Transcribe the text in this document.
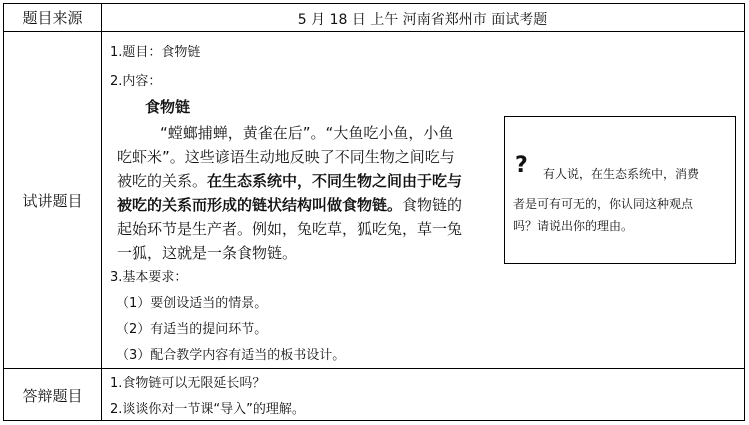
题目来源	5 月 18 日 上午 河南省郑州市 面试考题
试讲题目
1.题目：食物链
2.内容：
食物链
“螳螂捕蝉，黄雀在后”。“大鱼吃小鱼，小鱼
吃虾米”。这些谚语生动地反映了不同生物之间吃与
被吃的关系。在生态系统中，不同生物之间由于吃与
被吃的关系而形成的链状结构叫做食物链。食物链的
起始环节是生产者。例如，兔吃草，狐吃兔，草一兔
一狐，这就是一条食物链。
3.基本要求：
（1）要创设适当的情景。
（2）有适当的提问环节。
（3）配合教学内容有适当的板书设计。
? 有人说，在生态系统中，消费
者是可有可无的，你认同这种观点
吗？请说出你的理由。
答辩题目
1.食物链可以无限延长吗？
2.谈谈你对一节课“导入”的理解。
